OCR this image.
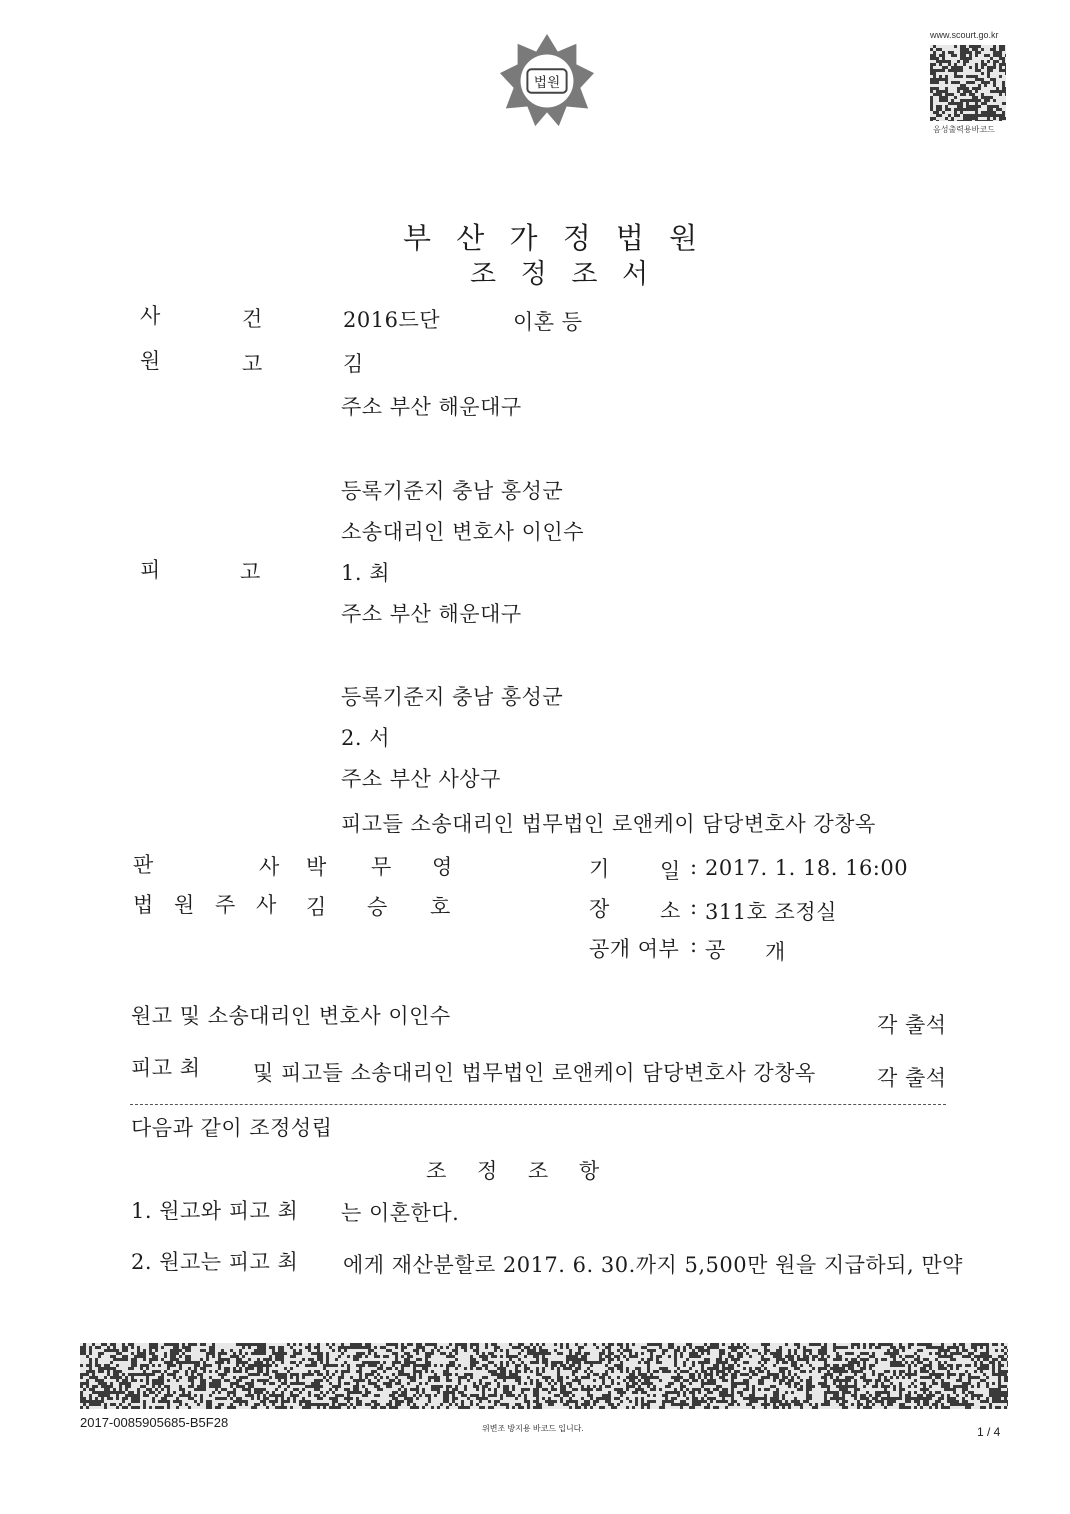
법원
www.scourt.go.kr
음성출력용바코드
부 산 가 정 법 원
조 정 조 서
사	건	2016드단	이혼 등
원	고	김
주소 부산 해운대구
등록기준지 충남 홍성군
소송대리인 변호사 이인수
피	고	1. 최
주소 부산 해운대구
등록기준지 충남 홍성군
2. 서
주소 부산 사상구
피고들 소송대리인 법무법인 로앤케이 담당변호사 강창옥
판	사 박 무 영
법 원 주 사 김 승 호
기 일 : 2017. 1. 18. 16:00
장 소 : 311호 조정실
공개 여부 : 공 개
원고 및 소송대리인 변호사 이인수	각 출석
피고 최 및 피고들 소송대리인 법무법인 로앤케이 담당변호사 강창옥	각 출석
다음과 같이 조정성립
조 정 조 항
1. 원고와 피고 최 는 이혼한다.
2. 원고는 피고 최 에게 재산분할로 2017. 6. 30.까지 5,500만 원을 지급하되, 만약
2017-0085905685-B5F28	위변조 방지용 바코드 입니다.	1 / 4
